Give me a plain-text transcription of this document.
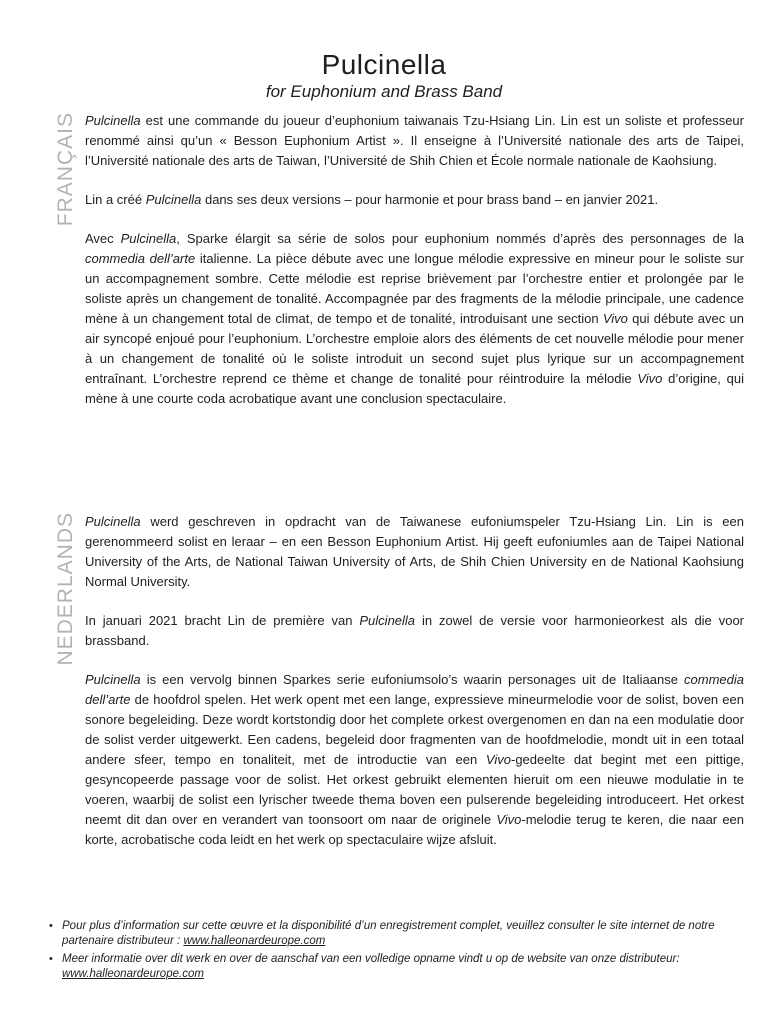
Pulcinella
for Euphonium and Brass Band
FRANÇAIS Pulcinella est une commande du joueur d’euphonium taiwanais Tzu-Hsiang Lin. Lin est un soliste et professeur renommé ainsi qu’un « Besson Euphonium Artist ». Il enseigne à l’Université nationale des arts de Taipei, l’Université nationale des arts de Taiwan, l’Université de Shih Chien et École normale nationale de Kaohsiung.

Lin a créé Pulcinella dans ses deux versions – pour harmonie et pour brass band – en janvier 2021.

Avec Pulcinella, Sparke élargit sa série de solos pour euphonium nommés d’après des personnages de la commedia dell’arte italienne. La pièce débute avec une longue mélodie expressive en mineur pour le soliste sur un accompagnement sombre. Cette mélodie est reprise brièvement par l’orchestre entier et prolongée par le soliste après un changement de tonalité. Accompagnée par des fragments de la mélodie principale, une cadence mène à un changement total de climat, de tempo et de tonalité, introduisant une section Vivo qui débute avec un air syncopé enjoué pour l’euphonium. L’orchestre emploie alors des éléments de cet nouvelle mélodie pour mener à un changement de tonalité où le soliste introduit un second sujet plus lyrique sur un accompagnement entraînant. L’orchestre reprend ce thème et change de tonalité pour réintroduire la mélodie Vivo d’origine, qui mène à une courte coda acrobatique avant une conclusion spectaculaire.

NEDERLANDS Pulcinella werd geschreven in opdracht van de Taiwanese eufoniumspeler Tzu-Hsiang Lin. Lin is een gerenommeerd solist en leraar – en een Besson Euphonium Artist. Hij geeft eufoniumles aan de Taipei National University of the Arts, de National Taiwan University of Arts, de Shih Chien University en de National Kaohsiung Normal University.

In januari 2021 bracht Lin de première van Pulcinella in zowel de versie voor harmonieorkest als die voor brassband.

Pulcinella is een vervolg binnen Sparkes serie eufoniumsolo’s waarin personages uit de Italiaanse commedia dell’arte de hoofdrol spelen. Het werk opent met een lange, expressieve mineurmelodie voor de solist, boven een sonore begeleiding. Deze wordt kortstondig door het complete orkest overgenomen en dan na een modulatie door de solist verder uitgewerkt. Een cadens, begeleid door fragmenten van de hoofdmelodie, mondt uit in een totaal andere sfeer, tempo en tonaliteit, met de introductie van een Vivo-gedeelte dat begint met een pittige, gesyncopeerde passage voor de solist. Het orkest gebruikt elementen hieruit om een nieuwe modulatie in te voeren, waarbij de solist een lyrischer tweede thema boven een pulserende begeleiding introduceert. Het orkest neemt dit dan over en verandert van toonsoort om naar de originele Vivo-melodie terug te keren, die naar een korte, acrobatische coda leidt en het werk op spectaculaire wijze afsluit.

• Pour plus d’information sur cette œuvre et la disponibilité d’un enregistrement complet, veuillez consulter le site internet de notre partenaire distributeur : www.halleonardeurope.com
• Meer informatie over dit werk en over de aanschaf van een volledige opname vindt u op de website van onze distributeur: www.halleonardeurope.com
